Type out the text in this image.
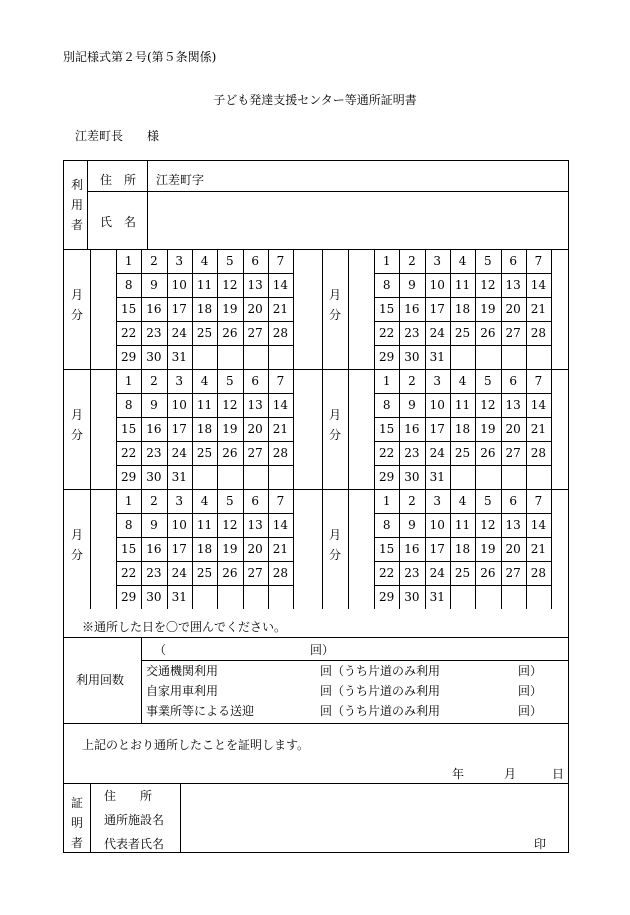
別記様式第２号(第５条関係)
子ども発達支援センター等通所証明書
江差町長　　様
利用者
住　所 江差町字
氏　名
月
分
1	2	3	4	5	6	7
8	9	10 11 12 13 14
15 16 17 18 19 20 21
22 23 24 25 26 27 28
29 30 31
月
分
1	2	3	4	5	6	7
8	9	10 11 12 13 14
15 16 17 18 19 20 21
22 23 24 25 26 27 28
29 30 31
月
分
1	2	3	4	5	6	7
8	9	10 11 12 13 14
15 16 17 18 19 20 21
22 23 24 25 26 27 28
29 30 31
月
分
1	2	3	4	5	6	7
8	9	10 11 12 13 14
15 16 17 18 19 20 21
22 23 24 25 26 27 28
29 30 31
月
分
1	2	3	4	5	6	7
8	9	10 11 12 13 14
15 16 17 18 19 20 21
22 23 24 25 26 27 28
29 30 31
月
分
1	2	3	4	5	6	7
8	9	10 11 12 13 14
15 16 17 18 19 20 21
22 23 24 25 26 27 28
29 30 31
※通所した日を〇で囲んでください。
利用回数
（	回）
交通機関利用	回（うち片道のみ利用	回）
自家用車利用	回（うち片道のみ利用	回）
事業所等による送迎	回（うち片道のみ利用	回）
上記のとおり通所したことを証明します。
年	月	日
証明者
住　　所
通所施設名
代表者氏名	印
